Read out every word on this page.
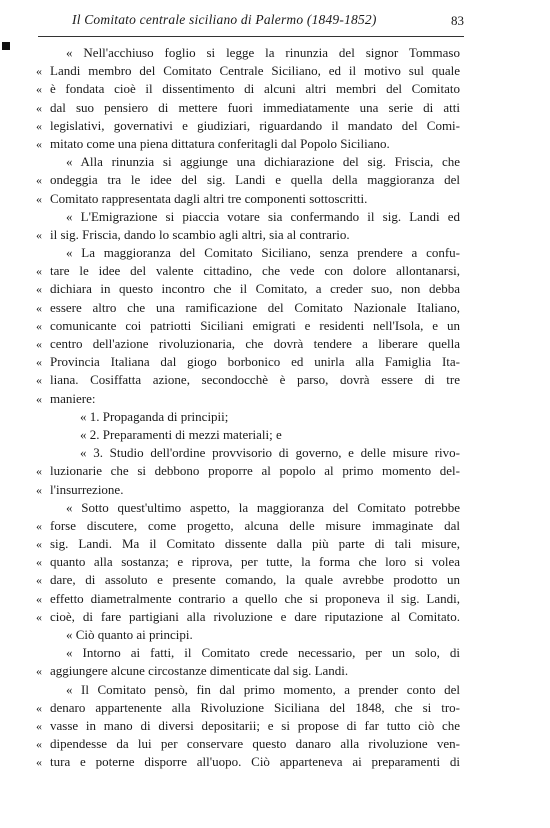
Il Comitato centrale siciliano di Palermo (1849-1852)	83
« Nell'acchiuso foglio si legge la rinunzia del signor Tommaso
« Landi membro del Comitato Centrale Siciliano, ed il motivo sul quale
« è fondata cioè il dissentimento di alcuni altri membri del Comitato
« dal suo pensiero di mettere fuori immediatamente una serie di atti
« legislativi, governativi e giudiziari, riguardando il mandato del Comi-
« mitato come una piena dittatura conferitagli dal Popolo Siciliano.
« Alla rinunzia si aggiunge una dichiarazione del sig. Friscia, che
« ondeggia tra le idee del sig. Landi e quella della maggioranza del
« Comitato rappresentata dagli altri tre componenti sottoscritti.
« L'Emigrazione si piaccia votare sia confermando il sig. Landi ed
« il sig. Friscia, dando lo scambio agli altri, sia al contrario.
« La maggioranza del Comitato Siciliano, senza prendere a confu-
« tare le idee del valente cittadino, che vede con dolore allontanarsi,
« dichiara in questo incontro che il Comitato, a creder suo, non debba
« essere altro che una ramificazione del Comitato Nazionale Italiano,
« comunicante coi patriotti Siciliani emigrati e residenti nell'Isola, e un
« centro dell'azione rivoluzionaria, che dovrà tendere a liberare quella
« Provincia Italiana dal giogo borbonico ed unirla alla Famiglia Ita-
« liana. Cosiffatta azione, secondocchè è parso, dovrà essere di tre
« maniere:
« 1. Propaganda di principii;
« 2. Preparamenti di mezzi materiali; e
« 3. Studio dell'ordine provvisorio di governo, e delle misure rivo-
« luzionarie che si debbono proporre al popolo al primo momento del-
« l'insurrezione.
« Sotto quest'ultimo aspetto, la maggioranza del Comitato potrebbe
« forse discutere, come progetto, alcuna delle misure immaginate dal
« sig. Landi. Ma il Comitato dissente dalla più parte di tali misure,
« quanto alla sostanza; e riprova, per tutte, la forma che loro si volea
« dare, di assoluto e presente comando, la quale avrebbe prodotto un
« effetto diametralmente contrario a quello che si proponeva il sig. Landi,
« cioè, di fare partigiani alla rivoluzione e dare riputazione al Comitato.
« Ciò quanto ai principi.
« Intorno ai fatti, il Comitato crede necessario, per un solo, di
« aggiungere alcune circostanze dimenticate dal sig. Landi.
« Il Comitato pensò, fin dal primo momento, a prender conto del
« denaro appartenente alla Rivoluzione Siciliana del 1848, che si tro-
« vasse in mano di diversi depositarii; e si propose di far tutto ciò che
« dipendesse da lui per conservare questo danaro alla rivoluzione ven-
« tura e poterne disporre all'uopo. Ciò apparteneva ai preparamenti di
